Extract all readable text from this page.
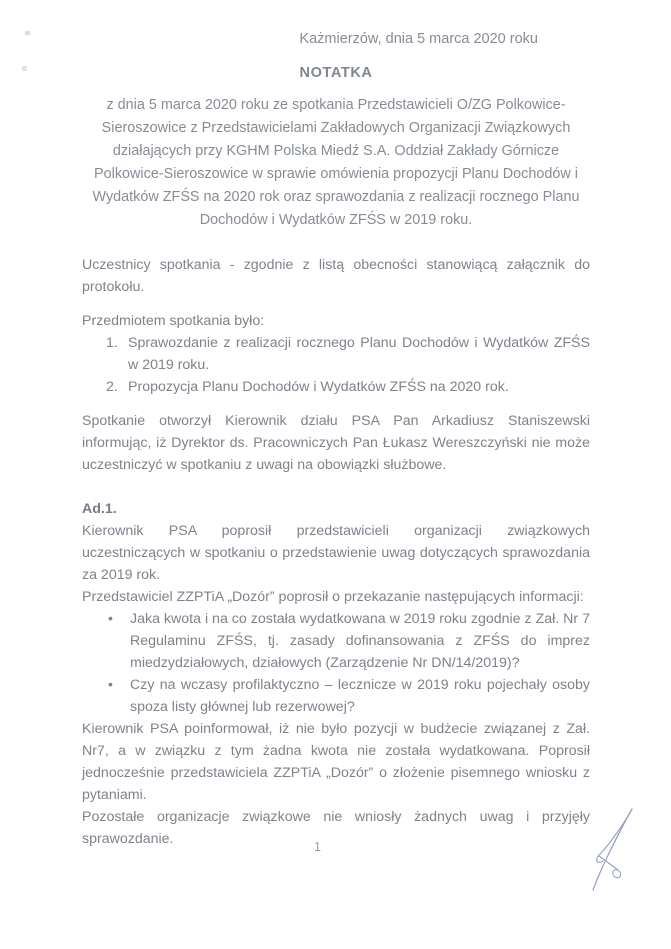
Każmierzów, dnia 5 marca 2020 roku
NOTATKA

z dnia 5 marca 2020 roku ze spotkania Przedstawicieli O/ZG Polkowice-Sieroszowice z Przedstawicielami Zakładowych Organizacji Związkowych działających przy KGHM Polska Miedź S.A. Oddział Zakłady Górnicze Polkowice-Sieroszowice w sprawie omówienia propozycji Planu Dochodów i Wydatków ZFŚS na 2020 rok oraz sprawozdania z realizacji rocznego Planu Dochodów i Wydatków ZFŚS w 2019 roku.

Uczestnicy spotkania - zgodnie z listą obecności stanowiącą załącznik do protokołu.

Przedmiotem spotkania było:

1. Sprawozdanie z realizacji rocznego Planu Dochodów i Wydatków ZFŚS w 2019 roku.
2. Propozycja Planu Dochodów i Wydatków ZFŚS na 2020 rok.

Spotkanie otworzył Kierownik działu PSA Pan Arkadiusz Staniszewski informując, iż Dyrektor ds. Pracowniczych Pan Łukasz Wereszczyński nie może uczestniczyć w spotkaniu z uwagi na obowiązki służbowe.

Ad.1.

Kierownik PSA poprosił przedstawicieli organizacji związkowych uczestniczących w spotkaniu o przedstawienie uwag dotyczących sprawozdania za 2019 rok.

Przedstawiciel ZZPTiA „Dozór” poprosił o przekazanie następujących informacji:

•	Jaka kwota i na co została wydatkowana w 2019 roku zgodnie z Zał. Nr 7 Regulaminu ZFŚS, tj. zasady dofinansowania z ZFŚS do imprez miedzydziałowych, działowych (Zarządzenie Nr DN/14/2019)?
•	Czy na wczasy profilaktyczno – lecznicze w 2019 roku pojechały osoby spoza listy głównej lub rezerwowej?

Kierownik PSA poinformował, iż nie było pozycji w budżecie związanej z Zał. Nr7, a w związku z tym żadna kwota nie została wydatkowana. Poprosił jednocześnie przedstawiciela ZZPTiA „Dozór” o złożenie pisemnego wniosku z pytaniami.

Pozostałe organizacje związkowe nie wniosły żadnych uwag i przyjęły sprawozdanie.	1
